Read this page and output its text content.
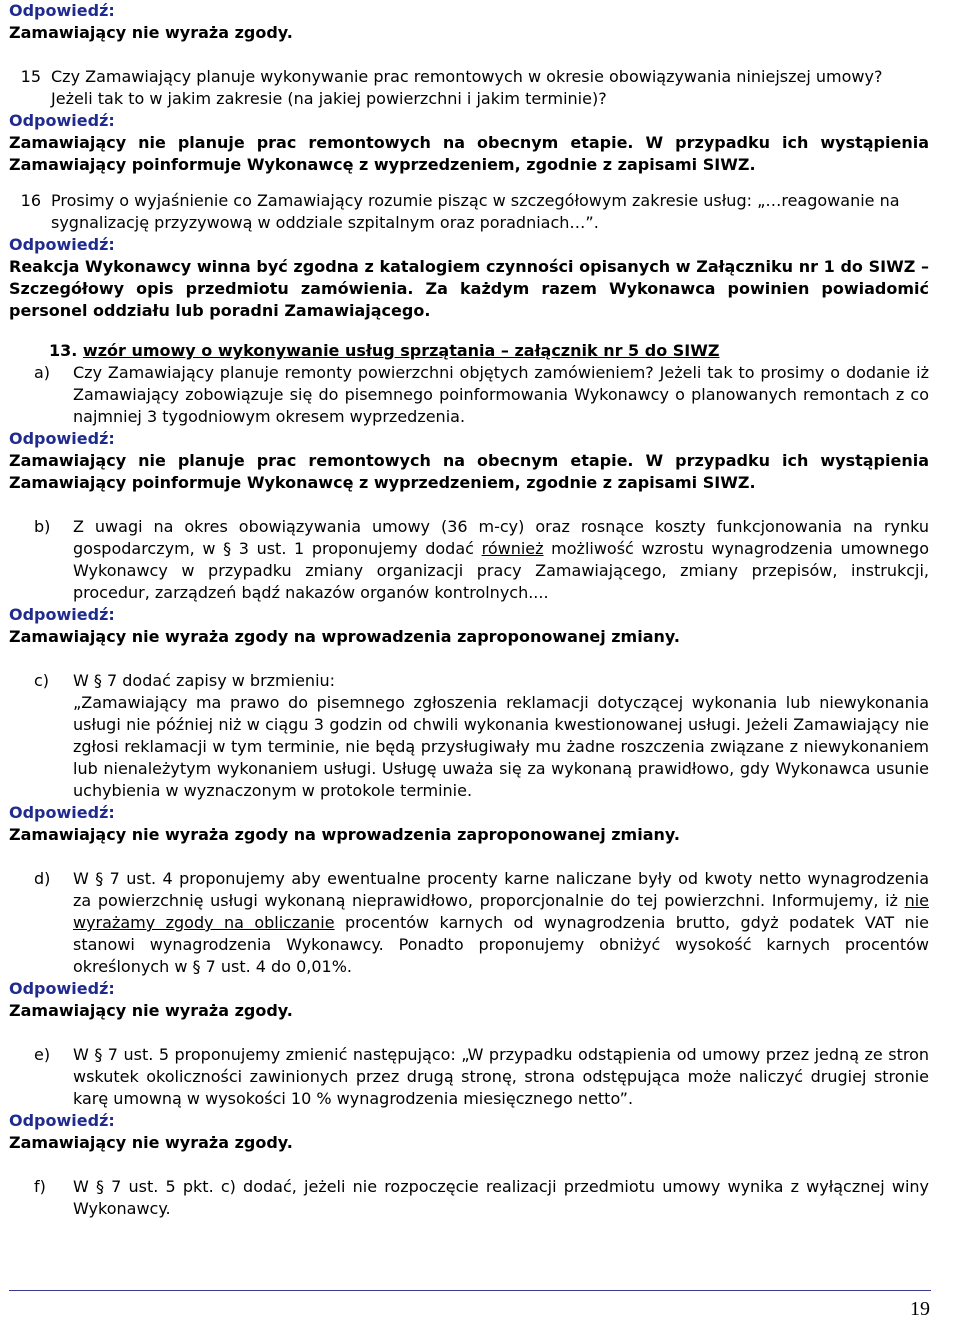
Odpowiedź:
Zamawiający nie wyraża zgody.
15 Czy Zamawiający planuje wykonywanie prac remontowych w okresie obowiązywania niniejszej umowy? Jeżeli tak to w jakim zakresie (na jakiej powierzchni i jakim terminie)?
Odpowiedź:
Zamawiający nie planuje prac remontowych na obecnym etapie. W przypadku ich wystąpienia Zamawiający poinformuje Wykonawcę z wyprzedzeniem, zgodnie z zapisami SIWZ.
16 Prosimy o wyjaśnienie co Zamawiający rozumie pisząc w szczegółowym zakresie usług: „…reagowanie na sygnalizację przyzywową w oddziale szpitalnym oraz poradniach…”.
Odpowiedź:
Reakcja Wykonawcy winna być zgodna z katalogiem czynności opisanych w Załączniku nr 1 do SIWZ – Szczegółowy opis przedmiotu zamówienia. Za każdym razem Wykonawca powinien powiadomić personel oddziału lub poradni Zamawiającego.
13. wzór umowy o wykonywanie usług sprzątania – załącznik nr 5 do SIWZ
a)	Czy Zamawiający planuje remonty powierzchni objętych zamówieniem? Jeżeli tak to prosimy o dodanie iż Zamawiający zobowiązuje się do pisemnego poinformowania Wykonawcy o planowanych remontach z co najmniej 3 tygodniowym okresem wyprzedzenia.
Odpowiedź:
Zamawiający nie planuje prac remontowych na obecnym etapie. W przypadku ich wystąpienia Zamawiający poinformuje Wykonawcę z wyprzedzeniem, zgodnie z zapisami SIWZ.
b)	Z uwagi na okres obowiązywania umowy (36 m-cy) oraz rosnące koszty funkcjonowania na rynku gospodarczym, w § 3 ust. 1 proponujemy dodać również możliwość wzrostu wynagrodzenia umownego Wykonawcy w przypadku zmiany organizacji pracy Zamawiającego, zmiany przepisów, instrukcji, procedur, zarządzeń bądź nakazów organów kontrolnych....
Odpowiedź:
Zamawiający nie wyraża zgody na wprowadzenia zaproponowanej zmiany.
c)	W § 7 dodać zapisy w brzmieniu:
„Zamawiający ma prawo do pisemnego zgłoszenia reklamacji dotyczącej wykonania lub niewykonania usługi nie później niż w ciągu 3 godzin od chwili wykonania kwestionowanej usługi. Jeżeli Zamawiający nie zgłosi reklamacji w tym terminie, nie będą przysługiwały mu żadne roszczenia związane z niewykonaniem lub nienależytym wykonaniem usługi. Usługę uważa się za wykonaną prawidłowo, gdy Wykonawca usunie uchybienia w wyznaczonym w protokole terminie.
Odpowiedź:
Zamawiający nie wyraża zgody na wprowadzenia zaproponowanej zmiany.
d)	W § 7 ust. 4 proponujemy aby ewentualne procenty karne naliczane były od kwoty netto wynagrodzenia za powierzchnię usługi wykonaną nieprawidłowo, proporcjonalnie do tej powierzchni. Informujemy, iż nie wyrażamy zgody na obliczanie procentów karnych od wynagrodzenia brutto, gdyż podatek VAT nie stanowi wynagrodzenia Wykonawcy. Ponadto proponujemy obniżyć wysokość karnych procentów określonych w § 7 ust. 4 do 0,01%.
Odpowiedź:
Zamawiający nie wyraża zgody.
e)	W § 7 ust. 5 proponujemy zmienić następująco: „W przypadku odstąpienia od umowy przez jedną ze stron wskutek okoliczności zawinionych przez drugą stronę, strona odstępująca może naliczyć drugiej stronie karę umowną w wysokości 10 % wynagrodzenia miesięcznego netto”.
Odpowiedź:
Zamawiający nie wyraża zgody.
f)	W § 7 ust. 5 pkt. c) dodać, jeżeli nie rozpoczęcie realizacji przedmiotu umowy wynika z wyłącznej winy Wykonawcy.
19
